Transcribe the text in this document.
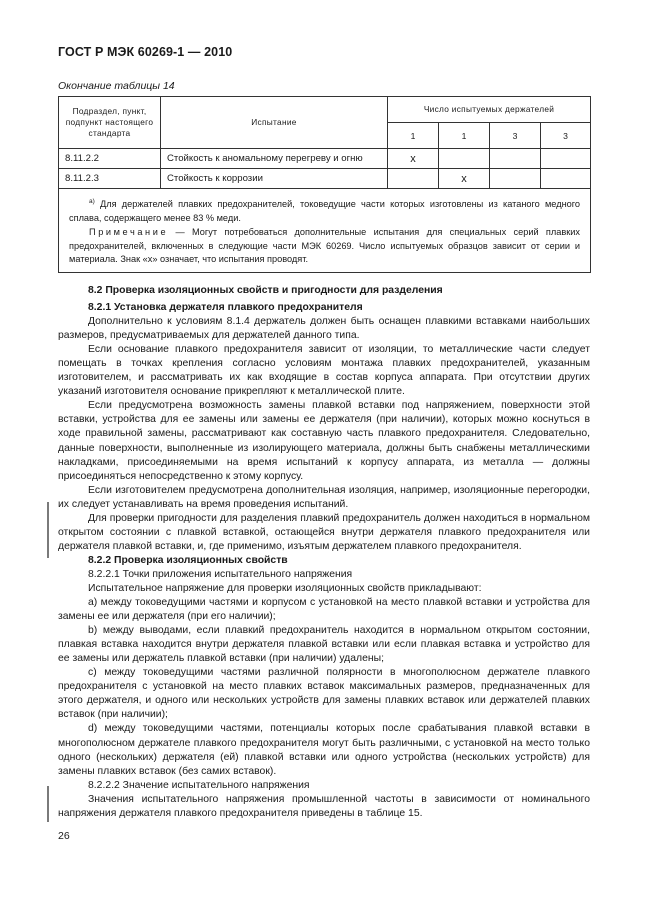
ГОСТ Р МЭК 60269-1 — 2010
Окончание таблицы 14
Подраздел, пункт, подпункт настоящего стандарта	Испытание	Число испытуемых держателей			
		1	1	3	3
8.11.2.2	Стойкость к аномальному перегреву и огню	x			
8.11.2.3	Стойкость к коррозии		x		

$^{а)}$ Для держателей плавких предохранителей, токоведущие части которых изготовлены из катаного медного сплава, содержащего менее 83 % меди.

Примечание — Могут потребоваться дополнительные испытания для специальных серий плавких предохранителей, включенных в следующие части МЭК 60269. Число испытуемых образцов зависит от серии и материала. Знак «х» означает, что испытания проводят.					

8.2 Проверка изоляционных свойств и пригодности для разделения
8.2.1 Установка держателя плавкого предохранителя

Дополнительно к условиям 8.1.4 держатель должен быть оснащен плавкими вставками наибольших размеров, предусматриваемых для держателей данного типа.

Если основание плавкого предохранителя зависит от изоляции, то металлические части следует помещать в точках крепления согласно условиям монтажа плавких предохранителей, указанным изготовителем, и рассматривать их как входящие в состав корпуса аппарата. При отсутствии других указаний изготовителя основание прикрепляют к металлической плите.

Если предусмотрена возможность замены плавкой вставки под напряжением, поверхности этой вставки, устройства для ее замены или замены ее держателя (при наличии), которых можно коснуться в ходе правильной замены, рассматривают как составную часть плавкого предохранителя. Следовательно, данные поверхности, выполненные из изолирующего материала, должны быть снабжены металлическими накладками, присоединяемыми на время испытаний к корпусу аппарата, из металла — должны присоединяться непосредственно к этому корпусу.

Если изготовителем предусмотрена дополнительная изоляция, например, изоляционные перегородки, их следует устанавливать на время проведения испытаний.

Для проверки пригодности для разделения плавкий предохранитель должен находиться в нормальном открытом состоянии с плавкой вставкой, остающейся внутри держателя плавкого предохранителя или держателя плавкой вставки, и, где применимо, изъятым держателем плавкого предохранителя.

8.2.2 Проверка изоляционных свойств

8.2.2.1 Точки приложения испытательного напряжения

Испытательное напряжение для проверки изоляционных свойств прикладывают:

a) между токоведущими частями и корпусом с установкой на место плавкой вставки и устройства для замены ее или держателя (при его наличии);

b) между выводами, если плавкий предохранитель находится в нормальном открытом состоянии, плавкая вставка находится внутри держателя плавкой вставки или если плавкая вставка и устройство для ее замены или держатель плавкой вставки (при наличии) удалены;

c) между токоведущими частями различной полярности в многополюсном держателе плавкого предохранителя с установкой на место плавких вставок максимальных размеров, предназначенных для этого держателя, и одного или нескольких устройств для замены плавких вставок или держателей плавких вставок (при наличии);

d) между токоведущими частями, потенциалы которых после срабатывания плавкой вставки в многополюсном держателе плавкого предохранителя могут быть различными, с установкой на место только одного (нескольких) держателя (ей) плавкой вставки или одного устройства (нескольких устройств) для замены плавких вставок (без самих вставок).

8.2.2.2 Значение испытательного напряжения

Значения испытательного напряжения промышленной частоты в зависимости от номинального напряжения держателя плавкого предохранителя приведены в таблице 15.

26
